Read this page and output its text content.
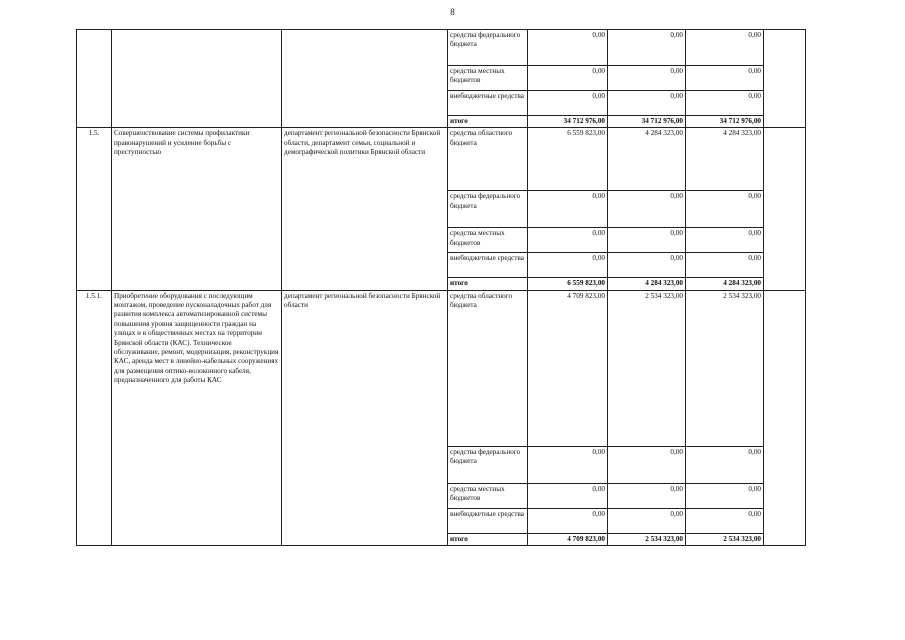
8
			средства федерального бюджета	0,00	0,00	0,00	
			средства местных бюджетов	0,00	0,00	0,00	
			внебюджетные средства	0,00	0,00	0,00	
			итого	34 712 976,00	34 712 976,00	34 712 976,00	
1.5.	Совершенствование системы профилактики правонарушений и усиление борьбы с преступностью	департамент региональной безопасности Брянской области, департамент семьи, социальной и демографической политики Брянской области	средства областного бюджета	6 559 823,00	4 284 323,00	4 284 323,00	
			средства федерального бюджета	0,00	0,00	0,00	
			средства местных бюджетов	0,00	0,00	0,00	
			внебюджетные средства	0,00	0,00	0,00	
			итого	6 559 823,00	4 284 323,00	4 284 323,00	
1.5.1.	Приобретение оборудования с последующим монтажом, проведение пусконаладочных работ для развития комплекса автоматизированной системы повышения уровня защищенности граждан на улицах и в общественных местах на территории Брянской области (КАС). Техническое обслуживание, ремонт, модернизация, реконструкция КАС, аренда мест в линейно-кабельных сооружениях для размещения оптико-волоконного кабеля, предназначенного для работы КАС	департамент региональной безопасности Брянской области	средства областного бюджета	4 709 823,00	2 534 323,00	2 534 323,00	
			средства федерального бюджета	0,00	0,00	0,00	
			средства местных бюджетов	0,00	0,00	0,00	
			внебюджетные средства	0,00	0,00	0,00	
			итого	4 709 823,00	2 534 323,00	2 534 323,00	
